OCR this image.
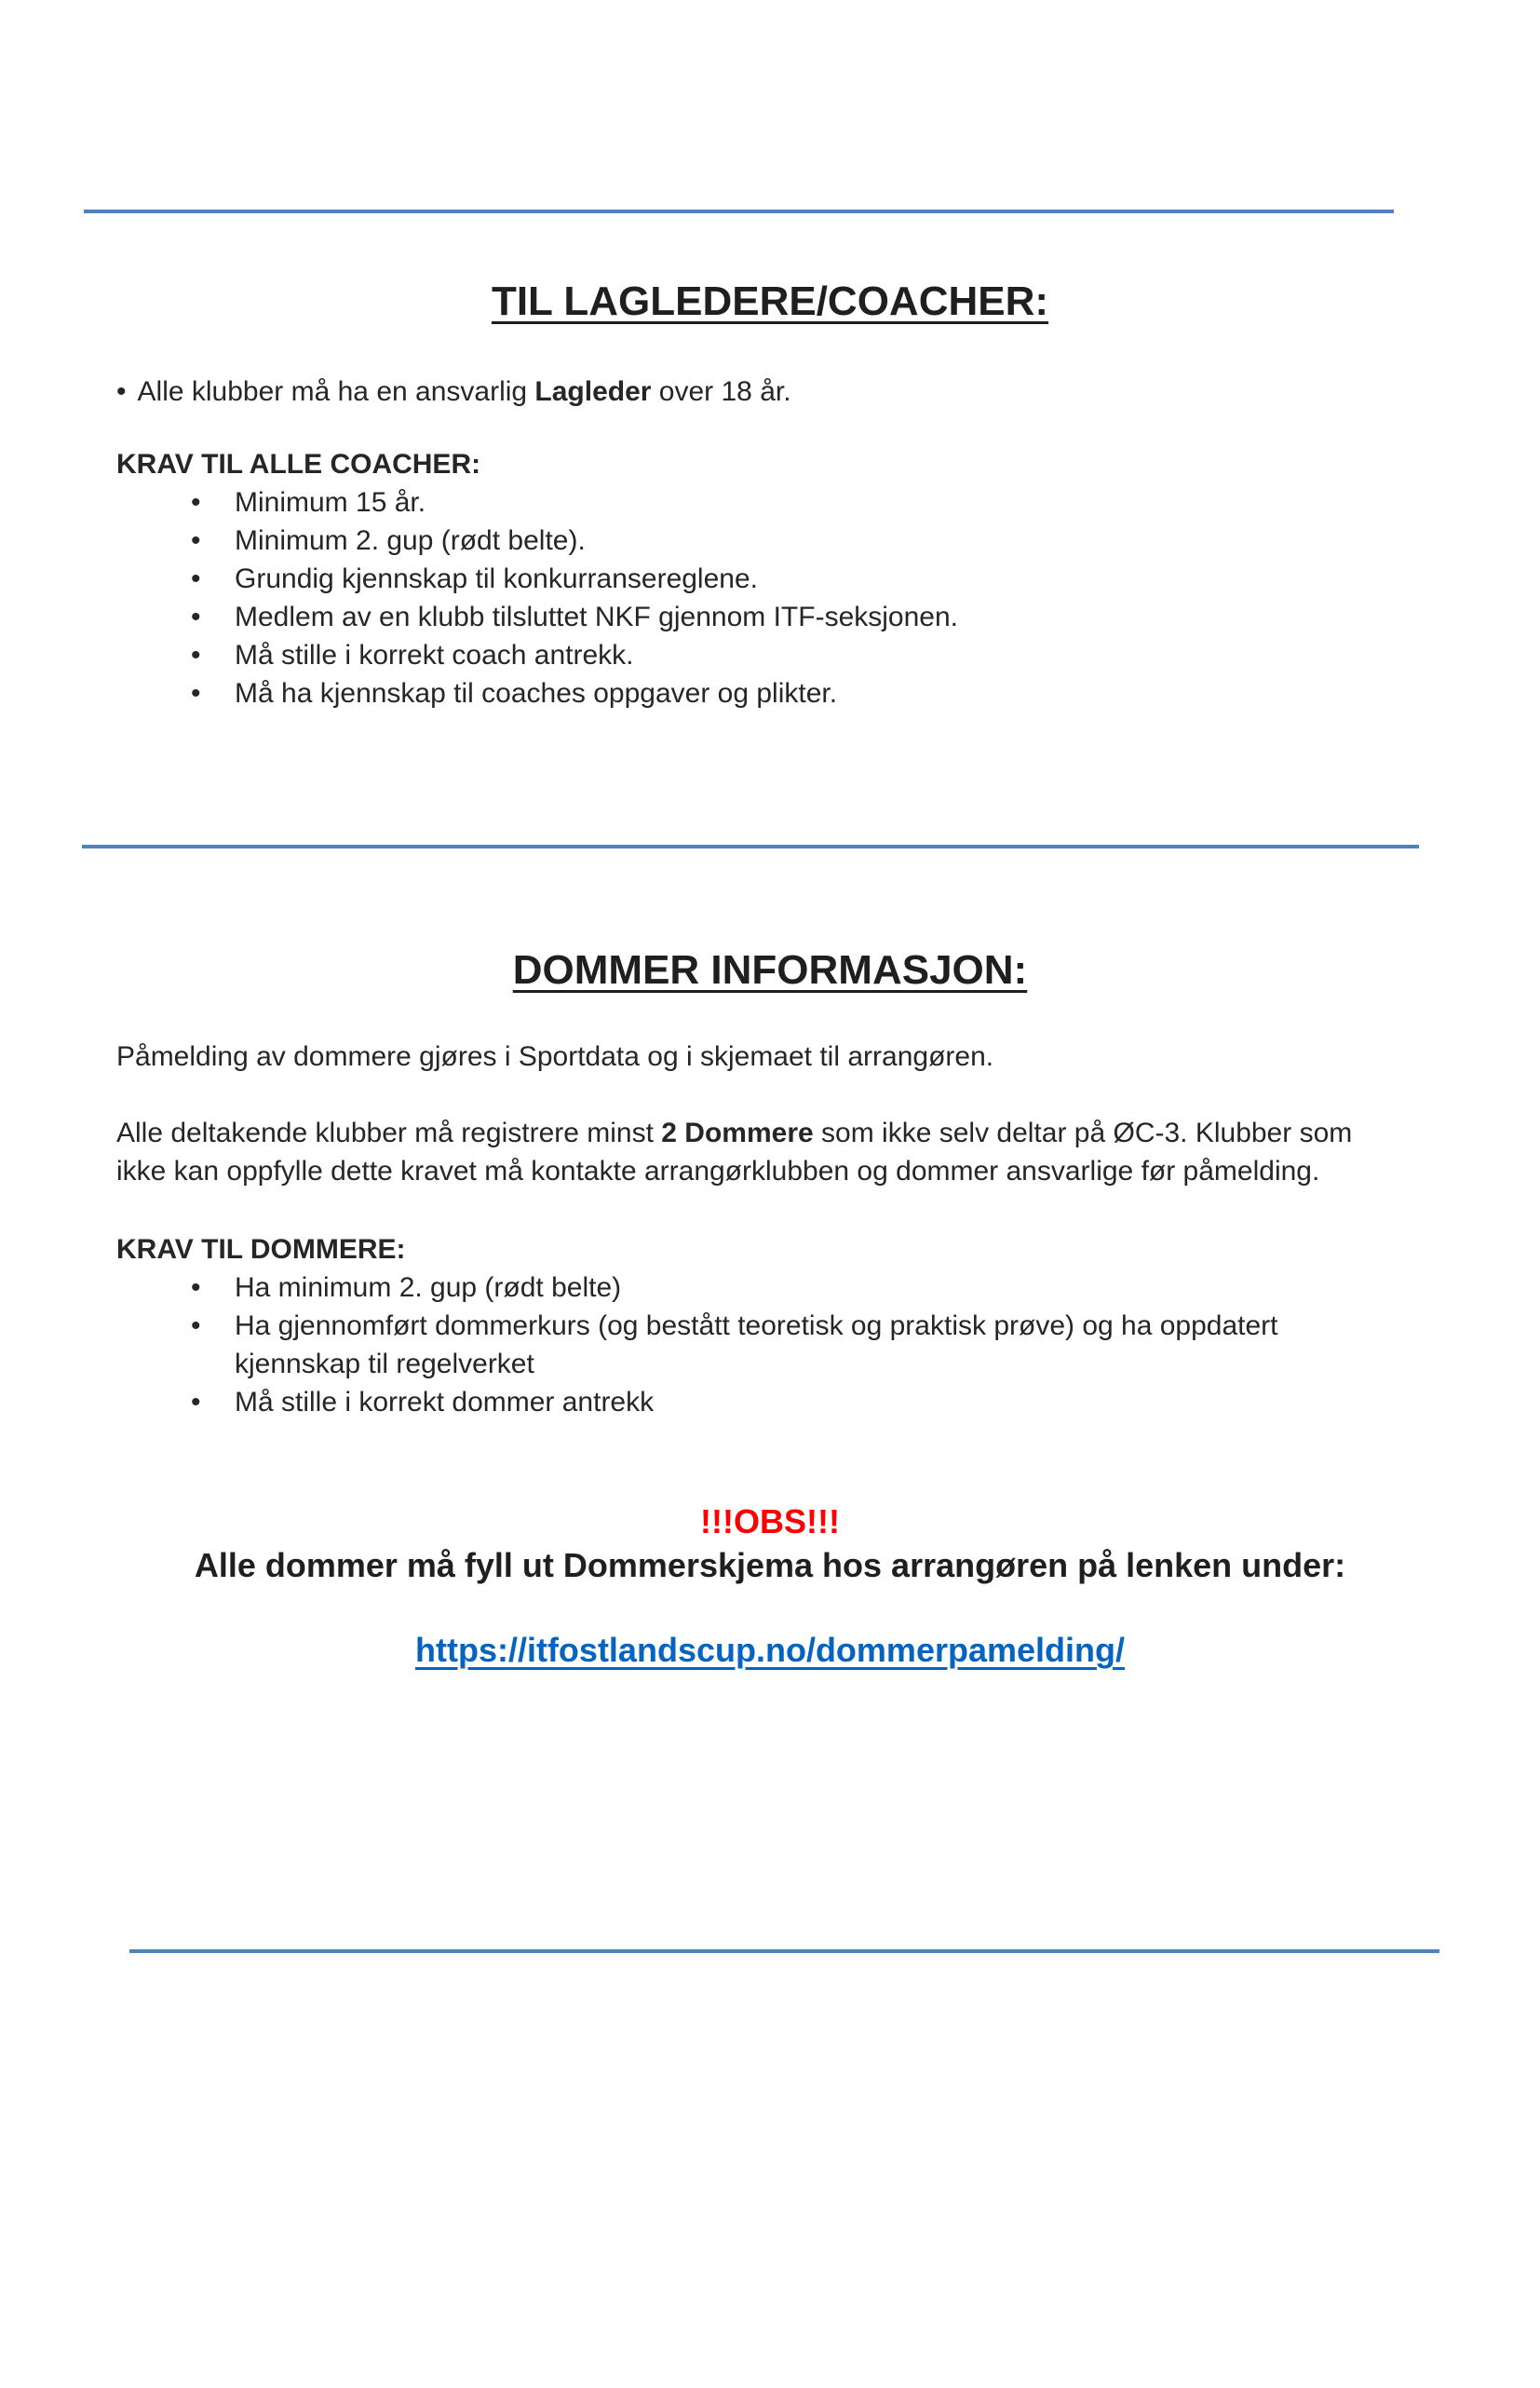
TIL LAGLEDERE/COACHER:
• Alle klubber må ha en ansvarlig Lagleder over 18 år.
KRAV TIL ALLE COACHER:
• Minimum 15 år.
• Minimum 2. gup (rødt belte).
• Grundig kjennskap til konkurransereglene.
• Medlem av en klubb tilsluttet NKF gjennom ITF-seksjonen.
• Må stille i korrekt coach antrekk.
• Må ha kjennskap til coaches oppgaver og plikter.
DOMMER INFORMASJON:
Påmelding av dommere gjøres i Sportdata og i skjemaet til arrangøren.
Alle deltakende klubber må registrere minst 2 Dommere som ikke selv deltar på ØC-3. Klubber som ikke kan oppfylle dette kravet må kontakte arrangørklubben og dommer ansvarlige før påmelding.
KRAV TIL DOMMERE:
• Ha minimum 2. gup (rødt belte)
• Ha gjennomført dommerkurs (og bestått teoretisk og praktisk prøve) og ha oppdatert kjennskap til regelverket
• Må stille i korrekt dommer antrekk
!!!OBS!!!
Alle dommer må fyll ut Dommerskjema hos arrangøren på lenken under:
https://itfostlandscup.no/dommerpamelding/
